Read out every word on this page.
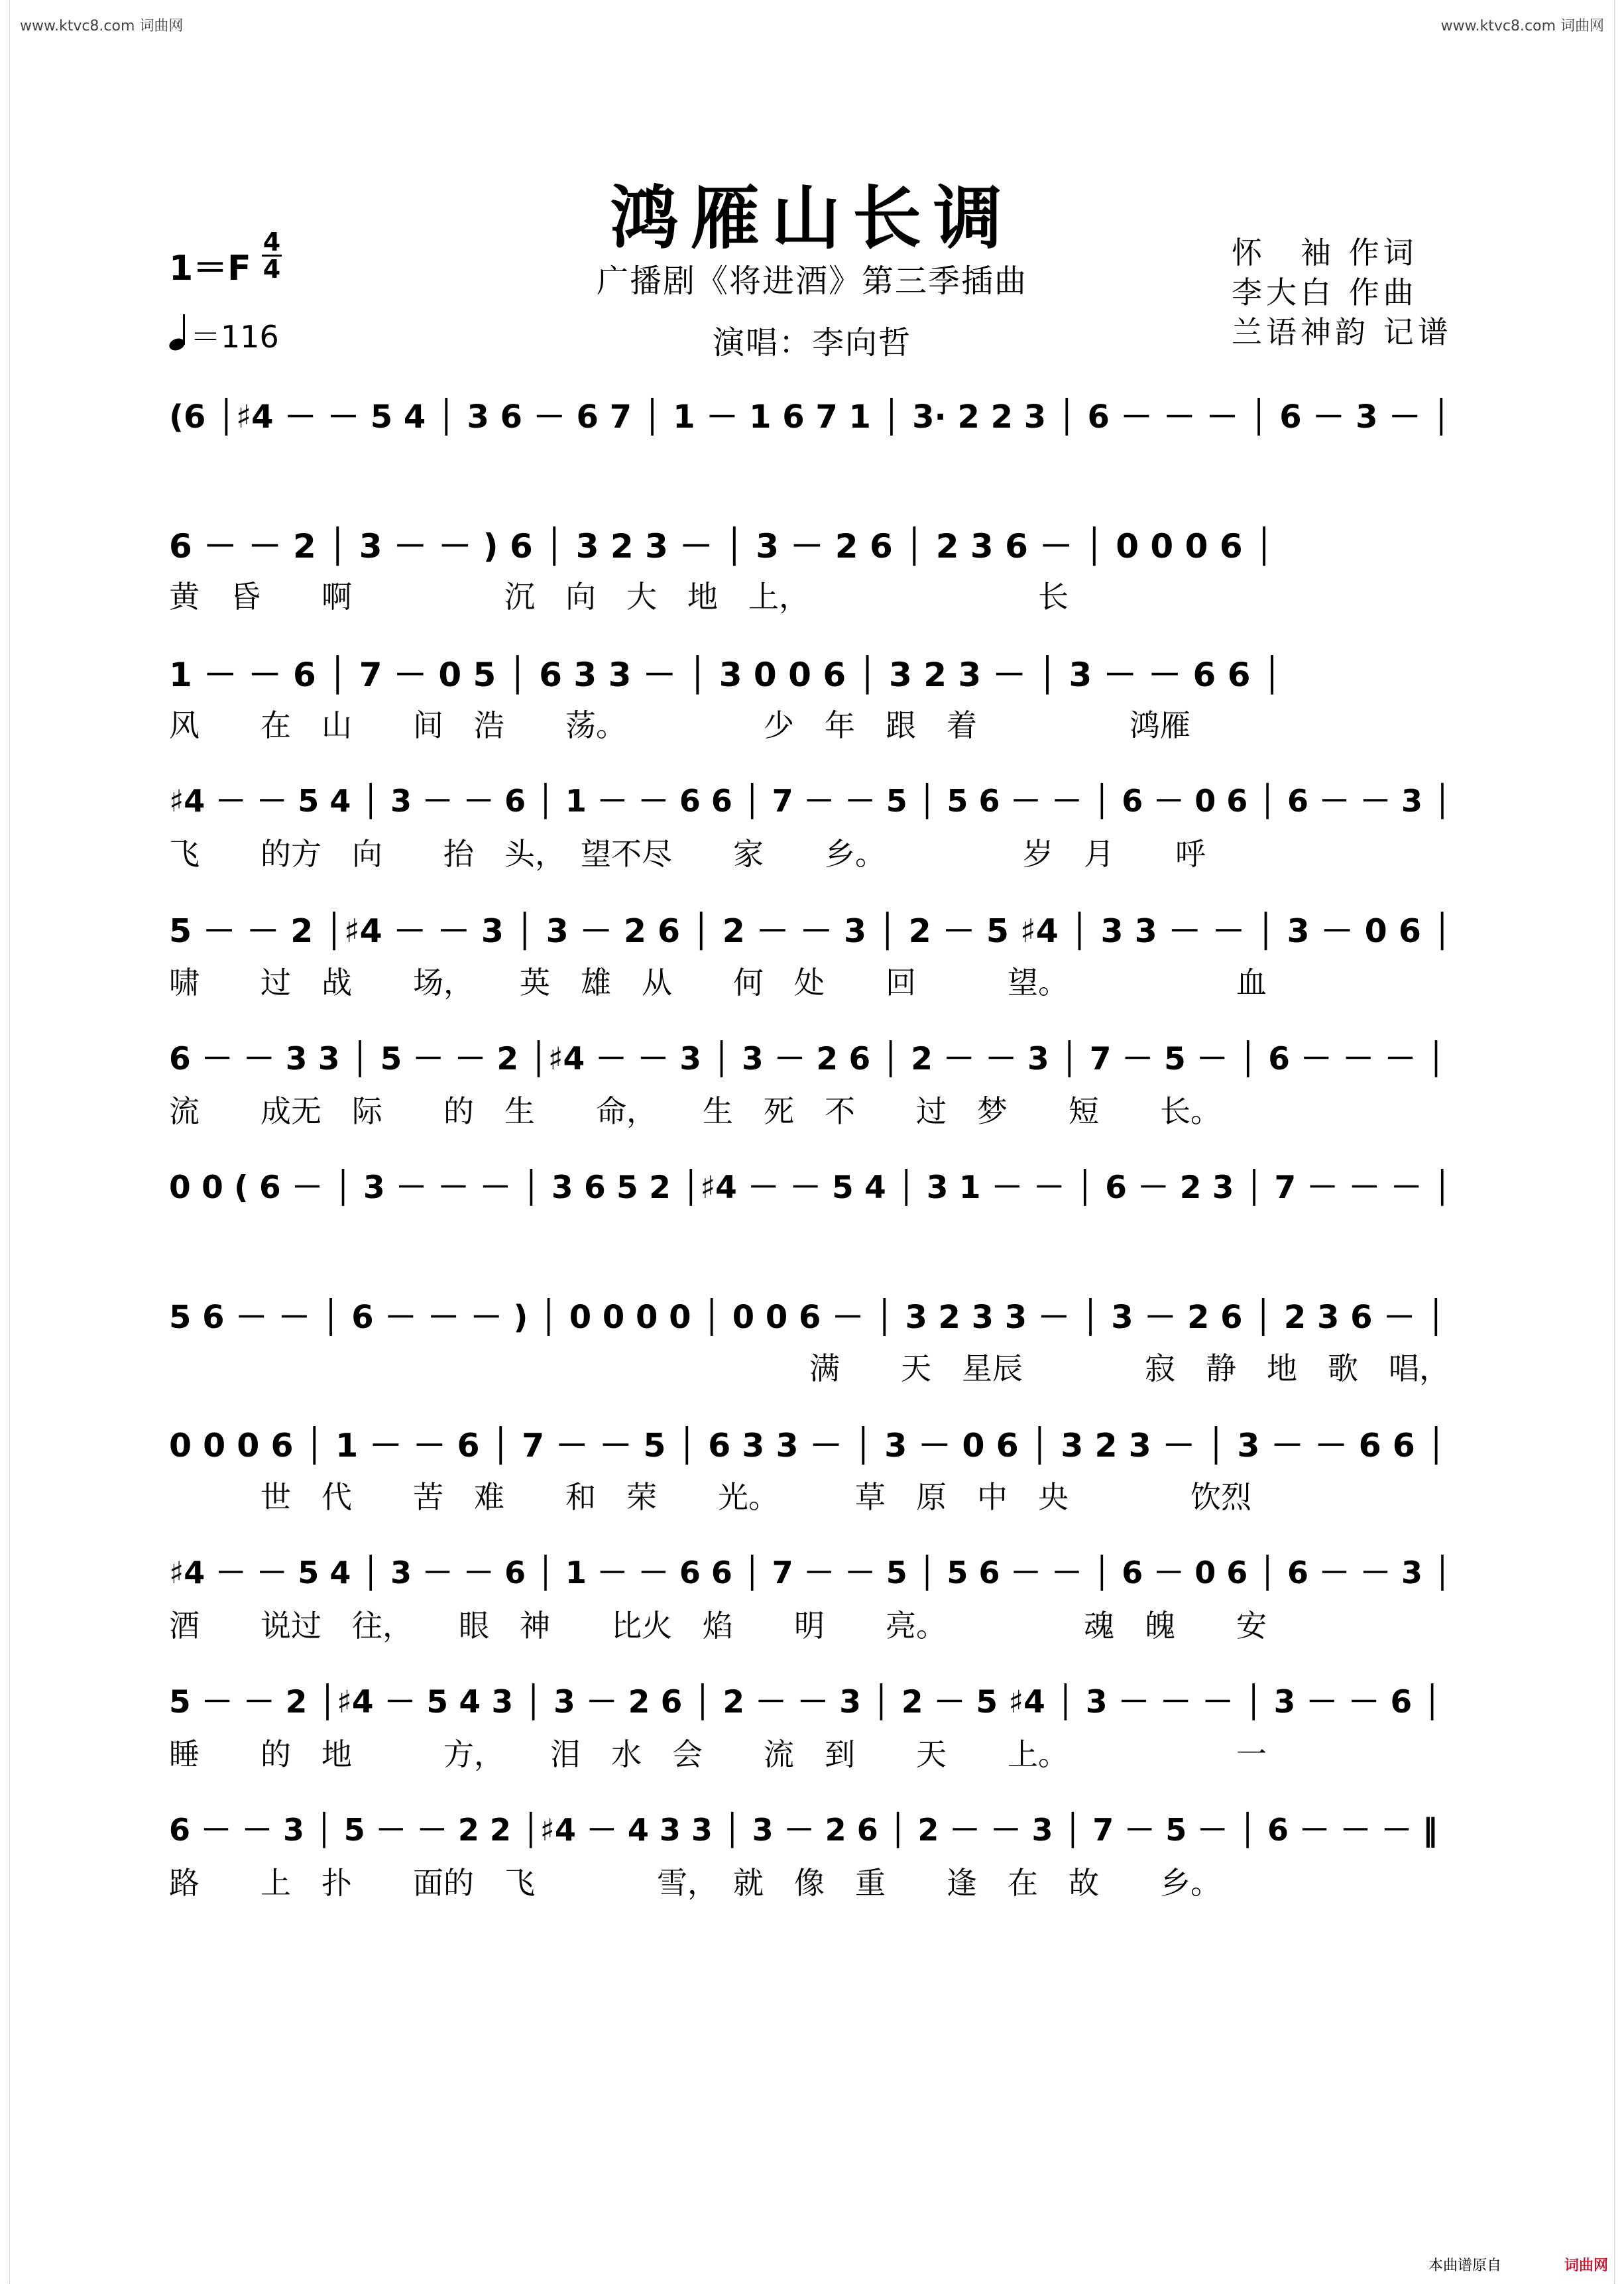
www.ktvc8.com 词曲网	www.ktvc8.com 词曲网
鸿雁山长调
广播剧《将进酒》第三季插曲
演唱：李向哲
怀　袖 作词
李大白 作曲
兰语神韵 记谱
1＝F
4
4
＝116
(6 │♯4 － － 5 4 │ 3 6 － 6 7 │ 1 － 1 6 7 1 │ 3· 2 2 3 │ 6 － － － │ 6 － 3 － │
6 － － 2 │ 3 － － ) 6 │ 3 2 3 － │ 3 － 2 6 │ 2 3 6 － │ 0 0 0 6 │
黄　昏　　啊　　　　　沉　向　大　地　上，　　　　　　　　长
1 － － 6 │ 7 － 0 5 │ 6 3 3 － │ 3 0 0 6 │ 3 2 3 － │ 3 － － 6 6 │
风　　在　山　　间　浩　　荡。　　　　　少　年　跟　着　　　　　鸿雁
♯4 － － 5 4 │ 3 － － 6 │ 1 － － 6 6 │ 7 － － 5 │ 5 6 － － │ 6 － 0 6 │ 6 － － 3 │
飞　　的方　向　　抬　头，　望不尽　　家　　乡。　　　　　岁　月　　呼
5 － － 2 │♯4 － － 3 │ 3 － 2 6 │ 2 － － 3 │ 2 － 5 ♯4 │ 3 3 － － │ 3 － 0 6 │
啸　　过　战　　场，　　英　雄　从　　何　处　　回　　　望。　　　　　　血
6 － － 3 3 │ 5 － － 2 │♯4 － － 3 │ 3 － 2 6 │ 2 － － 3 │ 7 － 5 － │ 6 － － － │
流　　成无　际　　的　生　　命，　　生　死　不　　过　梦　　短　　长。
0 0 ( 6 － │ 3 － － － │ 3 6 5 2 │♯4 － － 5 4 │ 3 1 － － │ 6 － 2 3 │ 7 － － － │
5 6 － － │ 6 － － － ) │ 0 0 0 0 │ 0 0 6 － │ 3 2 3 3 － │ 3 － 2 6 │ 2 3 6 － │
　　　　　　　　　　　　　　　　　　　　　满　　天　星辰　　　　寂　静　地　歌　唱，
0 0 0 6 │ 1 － － 6 │ 7 － － 5 │ 6 3 3 － │ 3 － 0 6 │ 3 2 3 － │ 3 － － 6 6 │
　　　世　代　　苦　难　　和　荣　　光。　　　草　原　中　央　　　　饮烈
♯4 － － 5 4 │ 3 － － 6 │ 1 － － 6 6 │ 7 － － 5 │ 5 6 － － │ 6 － 0 6 │ 6 － － 3 │
酒　　说过　往，　　眼　神　　比火　焰　　明　　亮。　　　　　魂　魄　　安
5 － － 2 │♯4 － 5 4 3 │ 3 － 2 6 │ 2 － － 3 │ 2 － 5 ♯4 │ 3 － － － │ 3 － － 6 │
睡　　的　地　　　方，　　泪　水　会　　流　到　　天　　上。　　　　　　一
6 － － 3 │ 5 － － 2 2 │♯4 － 4 3 3 │ 3 － 2 6 │ 2 － － 3 │ 7 － 5 － │ 6 － － － ‖
路　　上　扑　　面的　飞　　　　雪，　就　像　重　　逢　在　故　　乡。
本曲谱原自	词曲网
